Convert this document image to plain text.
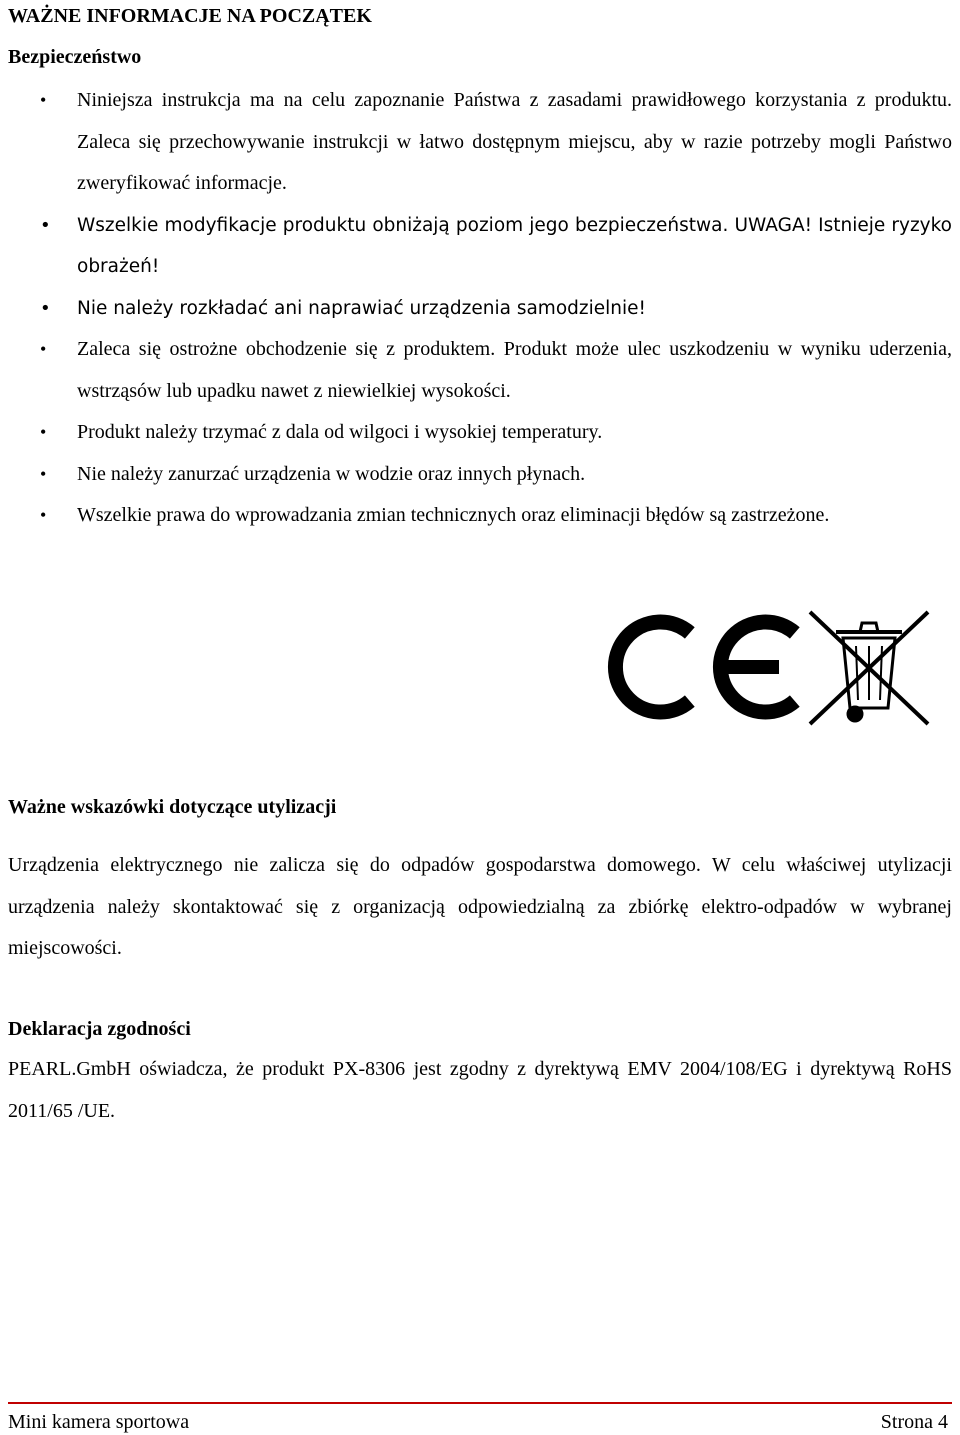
WAŻNE INFORMACJE NA POCZĄTEK
Bezpieczeństwo
• Niniejsza instrukcja ma na celu zapoznanie Państwa z zasadami prawidłowego korzystania z produktu. Zaleca się przechowywanie instrukcji w łatwo dostępnym miejscu, aby w razie potrzeby mogli Państwo zweryfikować informacje.
• Wszelkie modyfikacje produktu obniżają poziom jego bezpieczeństwa. UWAGA! Istnieje ryzyko obrażeń!
• Nie należy rozkładać ani naprawiać urządzenia samodzielnie!
• Zaleca się ostrożne obchodzenie się z produktem. Produkt może ulec uszkodzeniu w wyniku uderzenia, wstrząsów lub upadku nawet z niewielkiej wysokości.
• Produkt należy trzymać z dala od wilgoci i wysokiej temperatury.
• Nie należy zanurzać urządzenia w wodzie oraz innych płynach.
• Wszelkie prawa do wprowadzania zmian technicznych oraz eliminacji błędów są zastrzeżone.
Ważne wskazówki dotyczące utylizacji

Urządzenia elektrycznego nie zalicza się do odpadów gospodarstwa domowego. W celu właściwej utylizacji urządzenia należy skontaktować się z organizacją odpowiedzialną za zbiórkę elektro-odpadów w wybranej miejscowości.

Deklaracja zgodności

PEARL.GmbH oświadcza, że produkt PX-8306 jest zgodny z dyrektywą EMV 2004/108/EG i dyrektywą RoHS 2011/65 /UE.

Mini kamera sportowa	Strona 4
